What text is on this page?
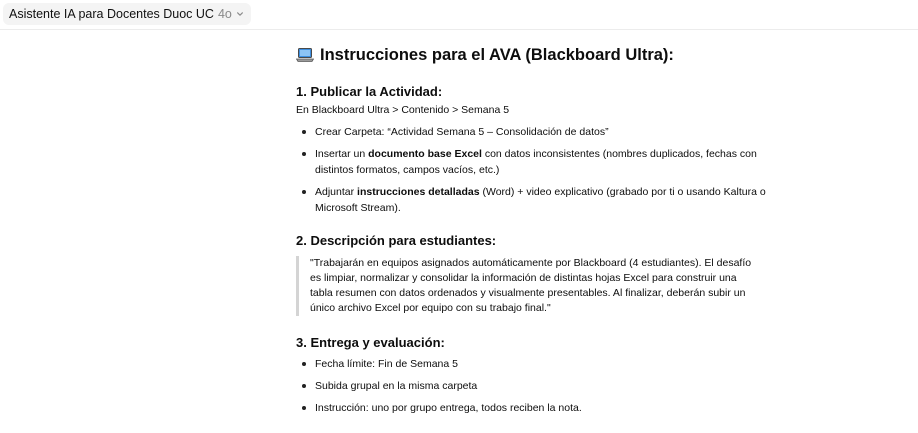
Asistente IA para Docentes Duoc UC 4o
Instrucciones para el AVA (Blackboard Ultra):
1. Publicar la Actividad:
En Blackboard Ultra > Contenido > Semana 5
Crear Carpeta: “Actividad Semana 5 – Consolidación de datos”
Insertar un documento base Excel con datos inconsistentes (nombres duplicados, fechas con distintos formatos, campos vacíos, etc.)
Adjuntar instrucciones detalladas (Word) + video explicativo (grabado por ti o usando Kaltura o Microsoft Stream).
2. Descripción para estudiantes:
"Trabajarán en equipos asignados automáticamente por Blackboard (4 estudiantes). El desafío es limpiar, normalizar y consolidar la información de distintas hojas Excel para construir una tabla resumen con datos ordenados y visualmente presentables. Al finalizar, deberán subir un único archivo Excel por equipo con su trabajo final."
3. Entrega y evaluación:
Fecha límite: Fin de Semana 5
Subida grupal en la misma carpeta
Instrucción: uno por grupo entrega, todos reciben la nota.
